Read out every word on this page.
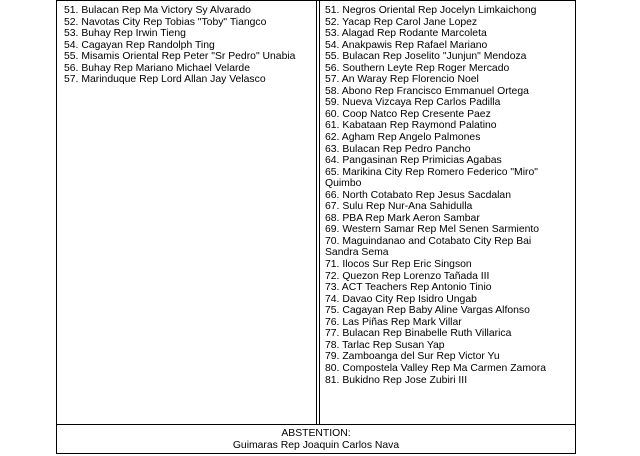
51. Bulacan Rep Ma Victory Sy Alvarado
52. Navotas City Rep Tobias "Toby" Tiangco
53. Buhay Rep Irwin Tieng
54. Cagayan Rep Randolph Ting
55. Misamis Oriental Rep Peter "Sr Pedro" Unabia
56. Buhay Rep Mariano Michael Velarde
57. Marinduque Rep Lord Allan Jay Velasco
51. Negros Oriental Rep Jocelyn Limkaichong
52. Yacap Rep Carol Jane Lopez
53. Alagad Rep Rodante Marcoleta
54. Anakpawis Rep Rafael Mariano
55. Bulacan Rep Joselito "Junjun" Mendoza
56. Southern Leyte Rep Roger Mercado
57. An Waray Rep Florencio Noel
58. Abono Rep Francisco Emmanuel Ortega
59. Nueva Vizcaya Rep Carlos Padilla
60. Coop Natco Rep Cresente Paez
61. Kabataan Rep Raymond Palatino
62. Agham Rep Angelo Palmones
63. Bulacan Rep Pedro Pancho
64. Pangasinan Rep Primicias Agabas
65. Marikina City Rep Romero Federico "Miro"
Quimbo
66. North Cotabato Rep Jesus Sacdalan
67. Sulu Rep Nur-Ana Sahidulla
68. PBA Rep Mark Aeron Sambar
69. Western Samar Rep Mel Senen Sarmiento
70. Maguindanao and Cotabato City Rep Bai
Sandra Sema
71. Ilocos Sur Rep Eric Singson
72. Quezon Rep Lorenzo Tañada III
73. ACT Teachers Rep Antonio Tinio
74. Davao City Rep Isidro Ungab
75. Cagayan Rep Baby Aline Vargas Alfonso
76. Las Piñas Rep Mark Villar
77. Bulacan Rep Binabelle Ruth Villarica
78. Tarlac Rep Susan Yap
79. Zamboanga del Sur Rep Victor Yu
80. Compostela Valley Rep Ma Carmen Zamora
81. Bukidno Rep Jose Zubiri III
ABSTENTION:
Guimaras Rep Joaquin Carlos Nava
